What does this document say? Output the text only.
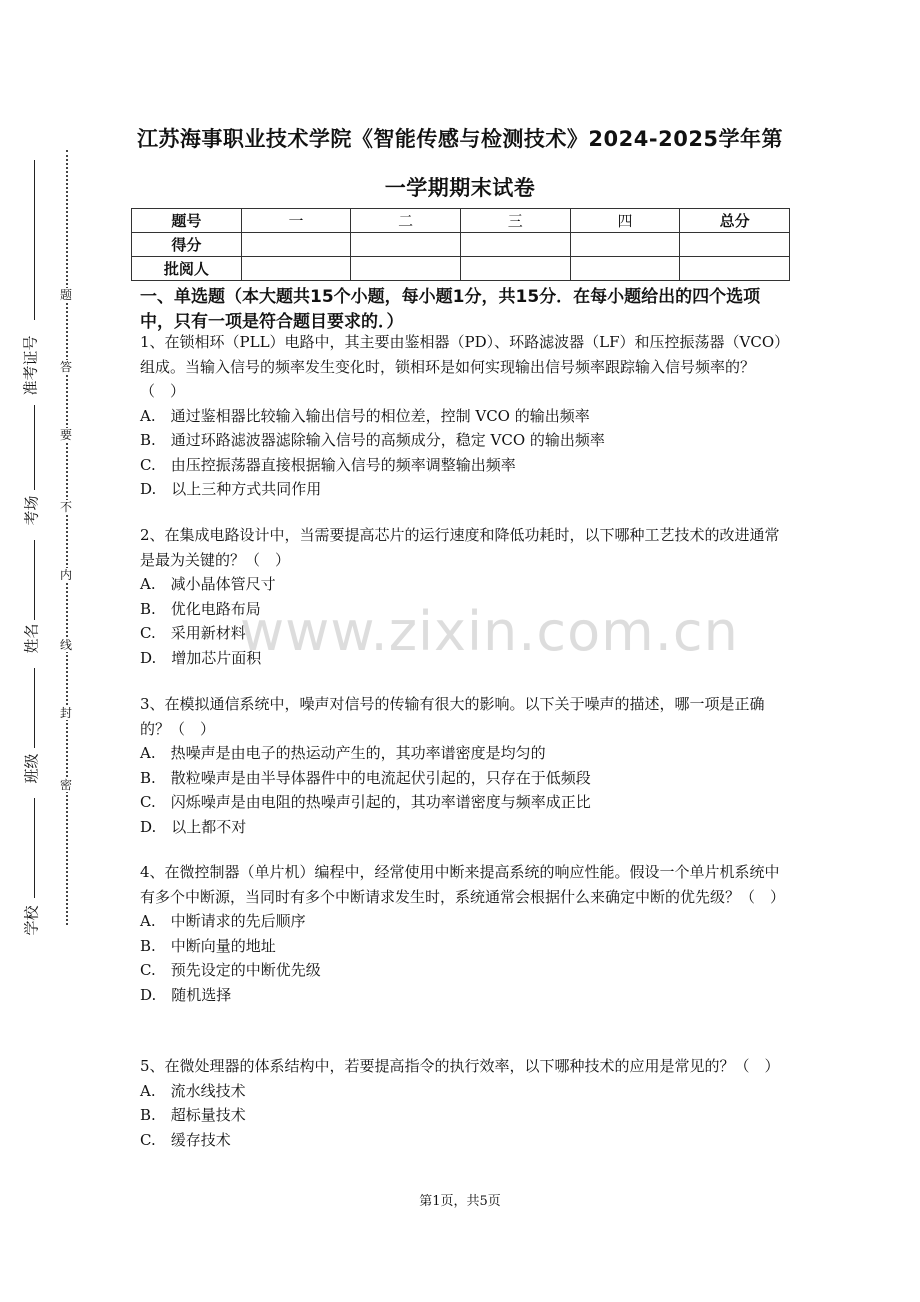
题
答
要
不
内
线
封
密
准考证号
考场
姓名
班级
学校
江苏海事职业技术学院《智能传感与检测技术》2024-2025学年第
一学期期末试卷
题号	一	二	三	四	总分
得分					
批阅人					
一、单选题（本大题共15个小题，每小题1分，共15分．在每小题给出的四个选项中，只有一项是符合题目要求的．）
1、在锁相环（PLL）电路中，其主要由鉴相器（PD）、环路滤波器（LF）和压控振荡器（VCO）组成。当输入信号的频率发生变化时，锁相环是如何实现输出信号频率跟踪输入信号频率的？（　）
A.　通过鉴相器比较输入输出信号的相位差，控制 VCO 的输出频率
B.　通过环路滤波器滤除输入信号的高频成分，稳定 VCO 的输出频率
C.　由压控振荡器直接根据输入信号的频率调整输出频率
D.　以上三种方式共同作用
2、在集成电路设计中，当需要提高芯片的运行速度和降低功耗时，以下哪种工艺技术的改进通常是最为关键的？（　）
A.　减小晶体管尺寸
B.　优化电路布局
C.　采用新材料
D.　增加芯片面积
3、在模拟通信系统中，噪声对信号的传输有很大的影响。以下关于噪声的描述，哪一项是正确的？（　）
A.　热噪声是由电子的热运动产生的，其功率谱密度是均匀的
B.　散粒噪声是由半导体器件中的电流起伏引起的，只存在于低频段
C.　闪烁噪声是由电阻的热噪声引起的，其功率谱密度与频率成正比
D.　以上都不对
4、在微控制器（单片机）编程中，经常使用中断来提高系统的响应性能。假设一个单片机系统中有多个中断源，当同时有多个中断请求发生时，系统通常会根据什么来确定中断的优先级？（　）
A.　中断请求的先后顺序
B.　中断向量的地址
C.　预先设定的中断优先级
D.　随机选择
5、在微处理器的体系结构中，若要提高指令的执行效率，以下哪种技术的应用是常见的？（　）
A.　流水线技术
B.　超标量技术
C.　缓存技术
www.zixin.com.cn
第1页，共5页
